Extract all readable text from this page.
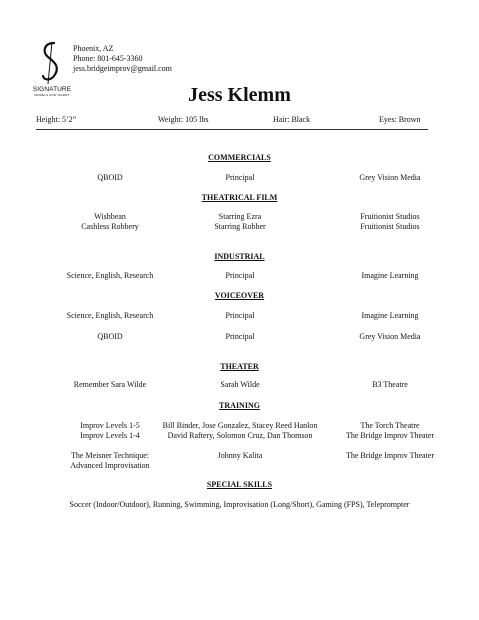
SIGNATURE
MODELS AND TALENT
Phoenix, AZ
Phone: 801-645-3360
jess.bridgeimprov@gmail.com
Jess Klemm
Height: 5’2”	Weight: 105 lbs	Hair: Black	Eyes: Brown
COMMERCIALS
QBOID	Principal	Grey Vision Media
THEATRICAL FILM
Wishbean	Starring Ezra	Fruitionist Studios
Cashless Robbery	Starring Robber	Fruitionist Studios
INDUSTRIAL
Science, English, Research	Principal	Imagine Learning
VOICEOVER
Science, English, Research	Principal	Imagine Learning
QBOID	Principal	Grey Vision Media
THEATER
Remember Sara Wilde	Sarah Wilde	B3 Theatre
TRAINING
Improv Levels 1-5	Bill Binder, Jose Gonzalez, Stacey Reed Hanlon	The Torch Theatre
Improv Levels 1-4	David Raftery, Solomon Cruz, Dan Thomson	The Bridge Improv Theater
The Meisner Technique:	Johnny Kalita	The Bridge Improv Theater
Advanced Improvisation
SPECIAL SKILLS
Soccer (Indoor/Outdoor), Running, Swimming, Improvisation (Long/Short), Gaming (FPS), Teleprompter
